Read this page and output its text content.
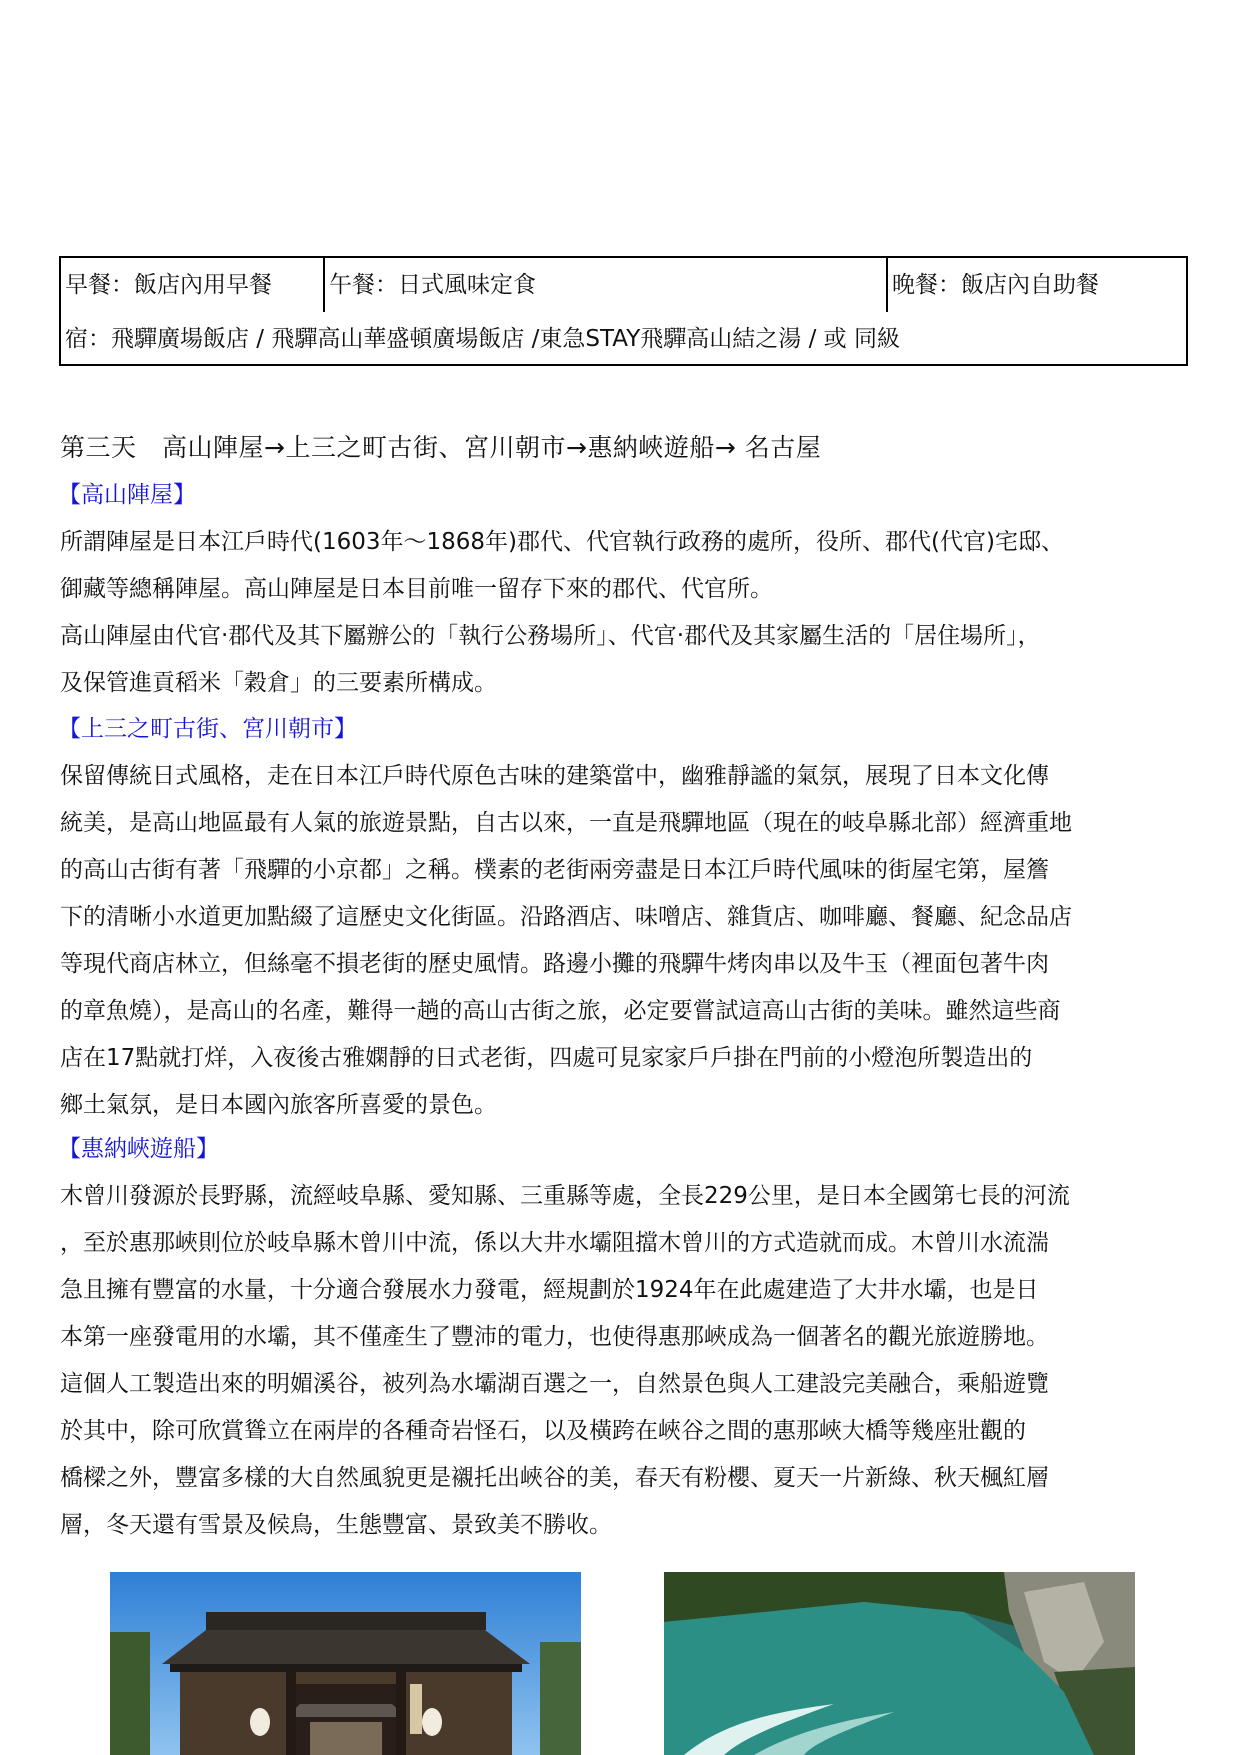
早餐：飯店內用早餐	午餐：日式風味定食	晚餐：飯店內自助餐
宿：飛驒廣場飯店 / 飛驒高山華盛頓廣場飯店 /東急STAY飛驒高山結之湯 / 或 同級
第三天　高山陣屋→上三之町古街、宮川朝市→惠納峽遊船→ 名古屋
【高山陣屋】

所謂陣屋是日本江戶時代(1603年～1868年)郡代、代官執行政務的處所，役所、郡代(代官)宅邸、
御藏等總稱陣屋。高山陣屋是日本目前唯一留存下來的郡代、代官所。

高山陣屋由代官‧郡代及其下屬辦公的「執行公務場所」、代官‧郡代及其家屬生活的「居住場所」，
及保管進貢稻米「穀倉」的三要素所構成。

【上三之町古街、宮川朝市】

保留傳統日式風格，走在日本江戶時代原色古味的建築當中，幽雅靜謐的氣氛，展現了日本文化傳
統美，是高山地區最有人氣的旅遊景點，自古以來，一直是飛驒地區（現在的岐阜縣北部）經濟重地
的高山古街有著「飛驒的小京都」之稱。樸素的老街兩旁盡是日本江戶時代風味的街屋宅第，屋簷
下的清晰小水道更加點綴了這歷史文化街區。沿路酒店、味噌店、雜貨店、咖啡廳、餐廳、紀念品店
等現代商店林立，但絲毫不損老街的歷史風情。路邊小攤的飛驒牛烤肉串以及牛玉（裡面包著牛肉
的章魚燒），是高山的名產，難得一趟的高山古街之旅，必定要嘗試這高山古街的美味。雖然這些商
店在17點就打烊，入夜後古雅嫻靜的日式老街，四處可見家家戶戶掛在門前的小燈泡所製造出的
鄉土氣氛，是日本國內旅客所喜愛的景色。

【惠納峽遊船】

木曾川發源於長野縣，流經岐阜縣、愛知縣、三重縣等處，全長229公里，是日本全國第七長的河流
，至於惠那峽則位於岐阜縣木曾川中流，係以大井水壩阻擋木曾川的方式造就而成。木曾川水流湍
急且擁有豐富的水量，十分適合發展水力發電，經規劃於1924年在此處建造了大井水壩，也是日
本第一座發電用的水壩，其不僅產生了豐沛的電力，也使得惠那峽成為一個著名的觀光旅遊勝地。
這個人工製造出來的明媚溪谷，被列為水壩湖百選之一，自然景色與人工建設完美融合，乘船遊覽
於其中，除可欣賞聳立在兩岸的各種奇岩怪石，以及橫跨在峽谷之間的惠那峽大橋等幾座壯觀的
橋樑之外，豐富多樣的大自然風貌更是襯托出峽谷的美，春天有粉櫻、夏天一片新綠、秋天楓紅層
層，冬天還有雪景及候鳥，生態豐富、景致美不勝收。
